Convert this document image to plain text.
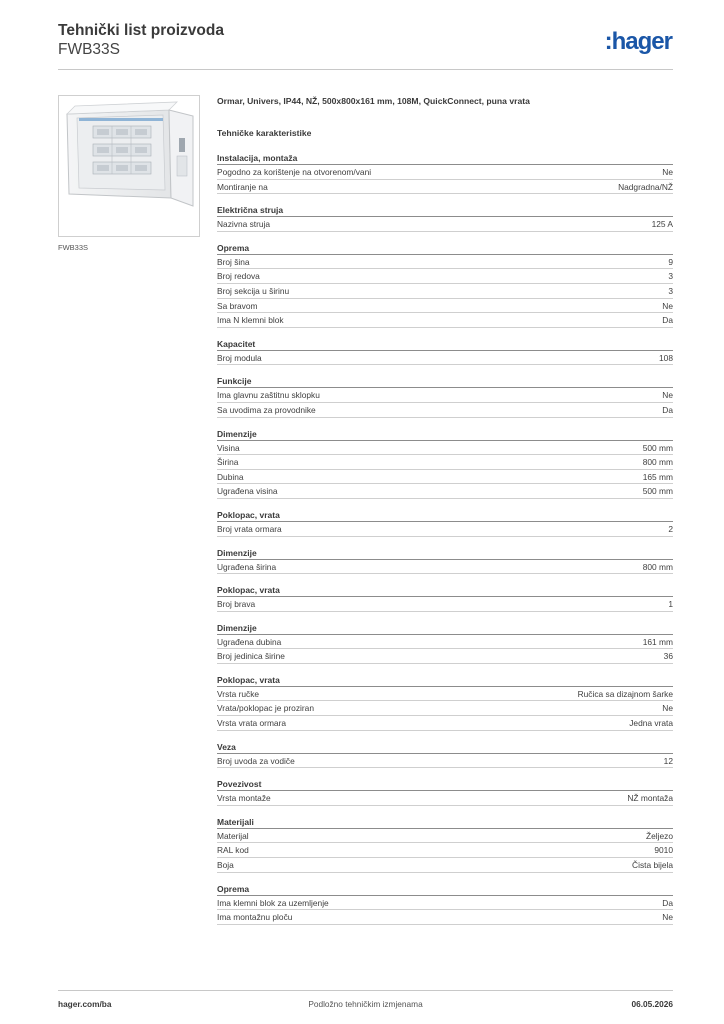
Tehnički list proizvoda
FWB33S	:hager
FWB33S
Ormar, Univers, IP44, NŽ, 500x800x161 mm, 108M, QuickConnect, puna vrata
Tehničke karakteristike
Instalacija, montaža
Pogodno za korištenje na otvorenom/vani	Ne
Montiranje na	Nadgradna/NŽ
Električna struja
Nazivna struja	125 A
Oprema
Broj šina	9
Broj redova	3
Broj sekcija u širinu	3
Sa bravom	Ne
Ima N klemni blok	Da
Kapacitet
Broj modula	108
Funkcije
Ima glavnu zaštitnu sklopku	Ne
Sa uvodima za provodnike	Da
Dimenzije
Visina	500 mm
Širina	800 mm
Dubina	165 mm
Ugrađena visina	500 mm
Poklopac, vrata
Broj vrata ormara	2
Dimenzije
Ugrađena širina	800 mm
Poklopac, vrata
Broj brava	1
Dimenzije
Ugrađena dubina	161 mm
Broj jedinica širine	36
Poklopac, vrata
Vrsta ručke	Ručica sa dizajnom šarke
Vrata/poklopac je proziran	Ne
Vrsta vrata ormara	Jedna vrata
Veza
Broj uvoda za vodiče	12
Povezivost
Vrsta montaže	NŽ montaža
Materijali
Materijal	Željezo
RAL kod	9010
Boja	Čista bijela
Oprema
Ima klemni blok za uzemljenje	Da
Ima montažnu ploču	Ne
hager.com/ba	Podložno tehničkim izmjenama	06.05.2026
